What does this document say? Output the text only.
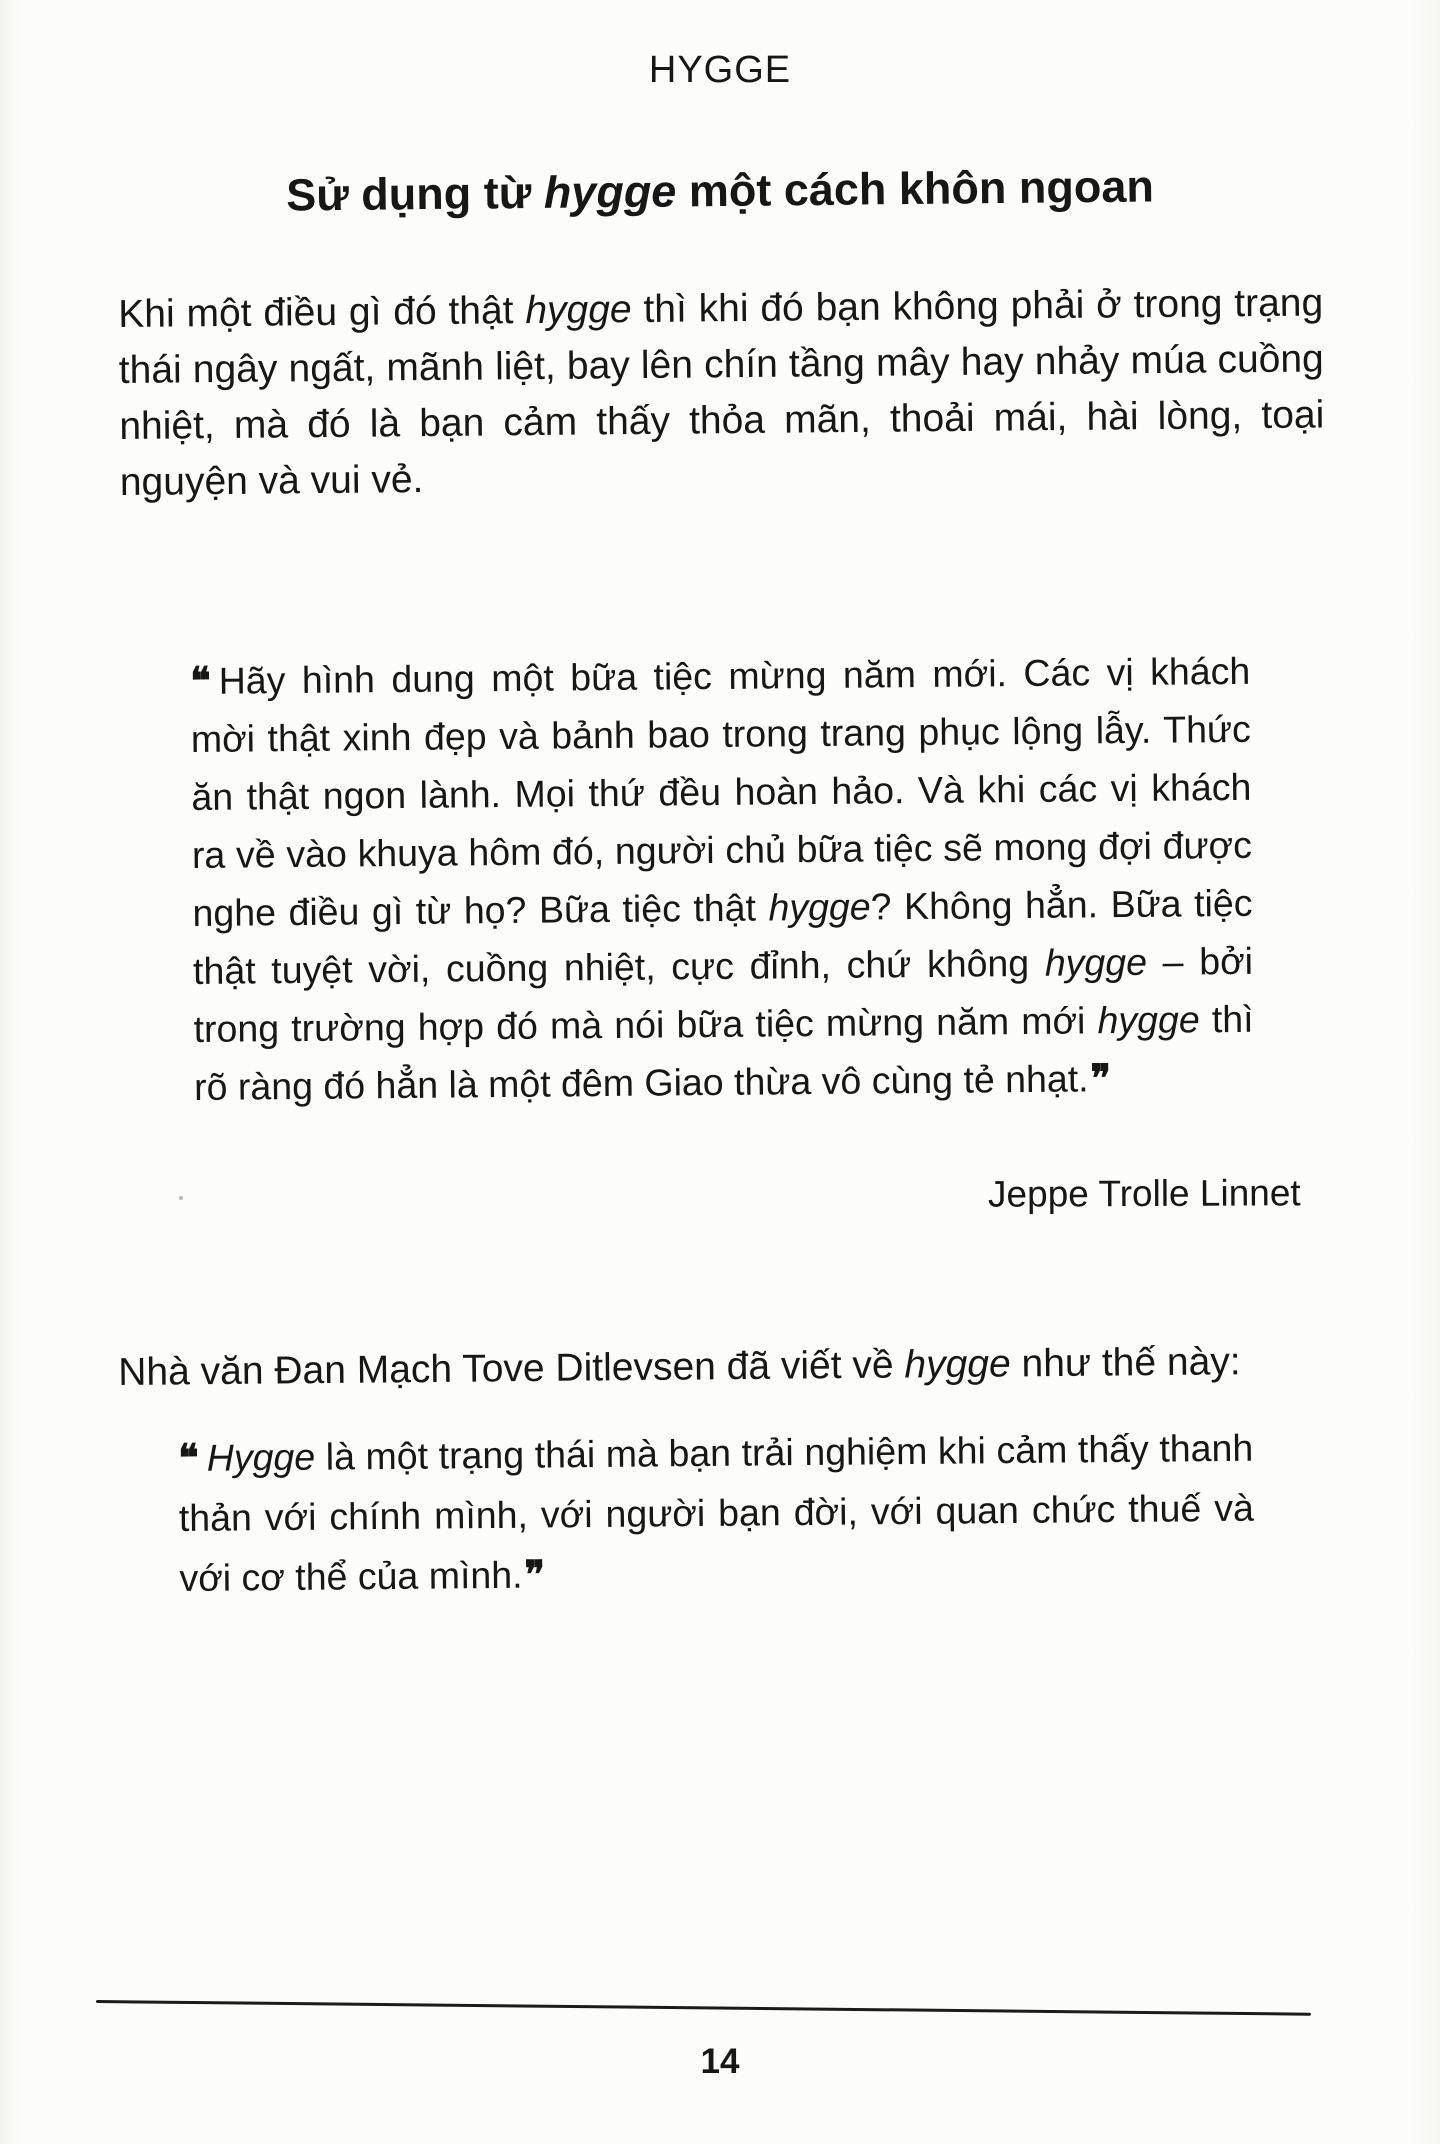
HYGGE
Sử dụng từ hygge một cách khôn ngoan

Khi một điều gì đó thật hygge thì khi đó bạn không phải ở trong trạng thái ngây ngất, mãnh liệt, bay lên chín tầng mây hay nhảy múa cuồng nhiệt, mà đó là bạn cảm thấy thỏa mãn, thoải mái, hài lòng, toại nguyện và vui vẻ.

❝ Hãy hình dung một bữa tiệc mừng năm mới. Các vị khách mời thật xinh đẹp và bảnh bao trong trang phục lộng lẫy. Thức ăn thật ngon lành. Mọi thứ đều hoàn hảo. Và khi các vị khách ra về vào khuya hôm đó, người chủ bữa tiệc sẽ mong đợi được nghe điều gì từ họ? Bữa tiệc thật hygge? Không hẳn. Bữa tiệc thật tuyệt vời, cuồng nhiệt, cực đỉnh, chứ không hygge – bởi trong trường hợp đó mà nói bữa tiệc mừng năm mới hygge thì rõ ràng đó hẳn là một đêm Giao thừa vô cùng tẻ nhạt.❞

Jeppe Trolle Linnet

Nhà văn Đan Mạch Tove Ditlevsen đã viết về hygge như thế này:

❝ Hygge là một trạng thái mà bạn trải nghiệm khi cảm thấy thanh thản với chính mình, với người bạn đời, với quan chức thuế và với cơ thể của mình.❞

14
